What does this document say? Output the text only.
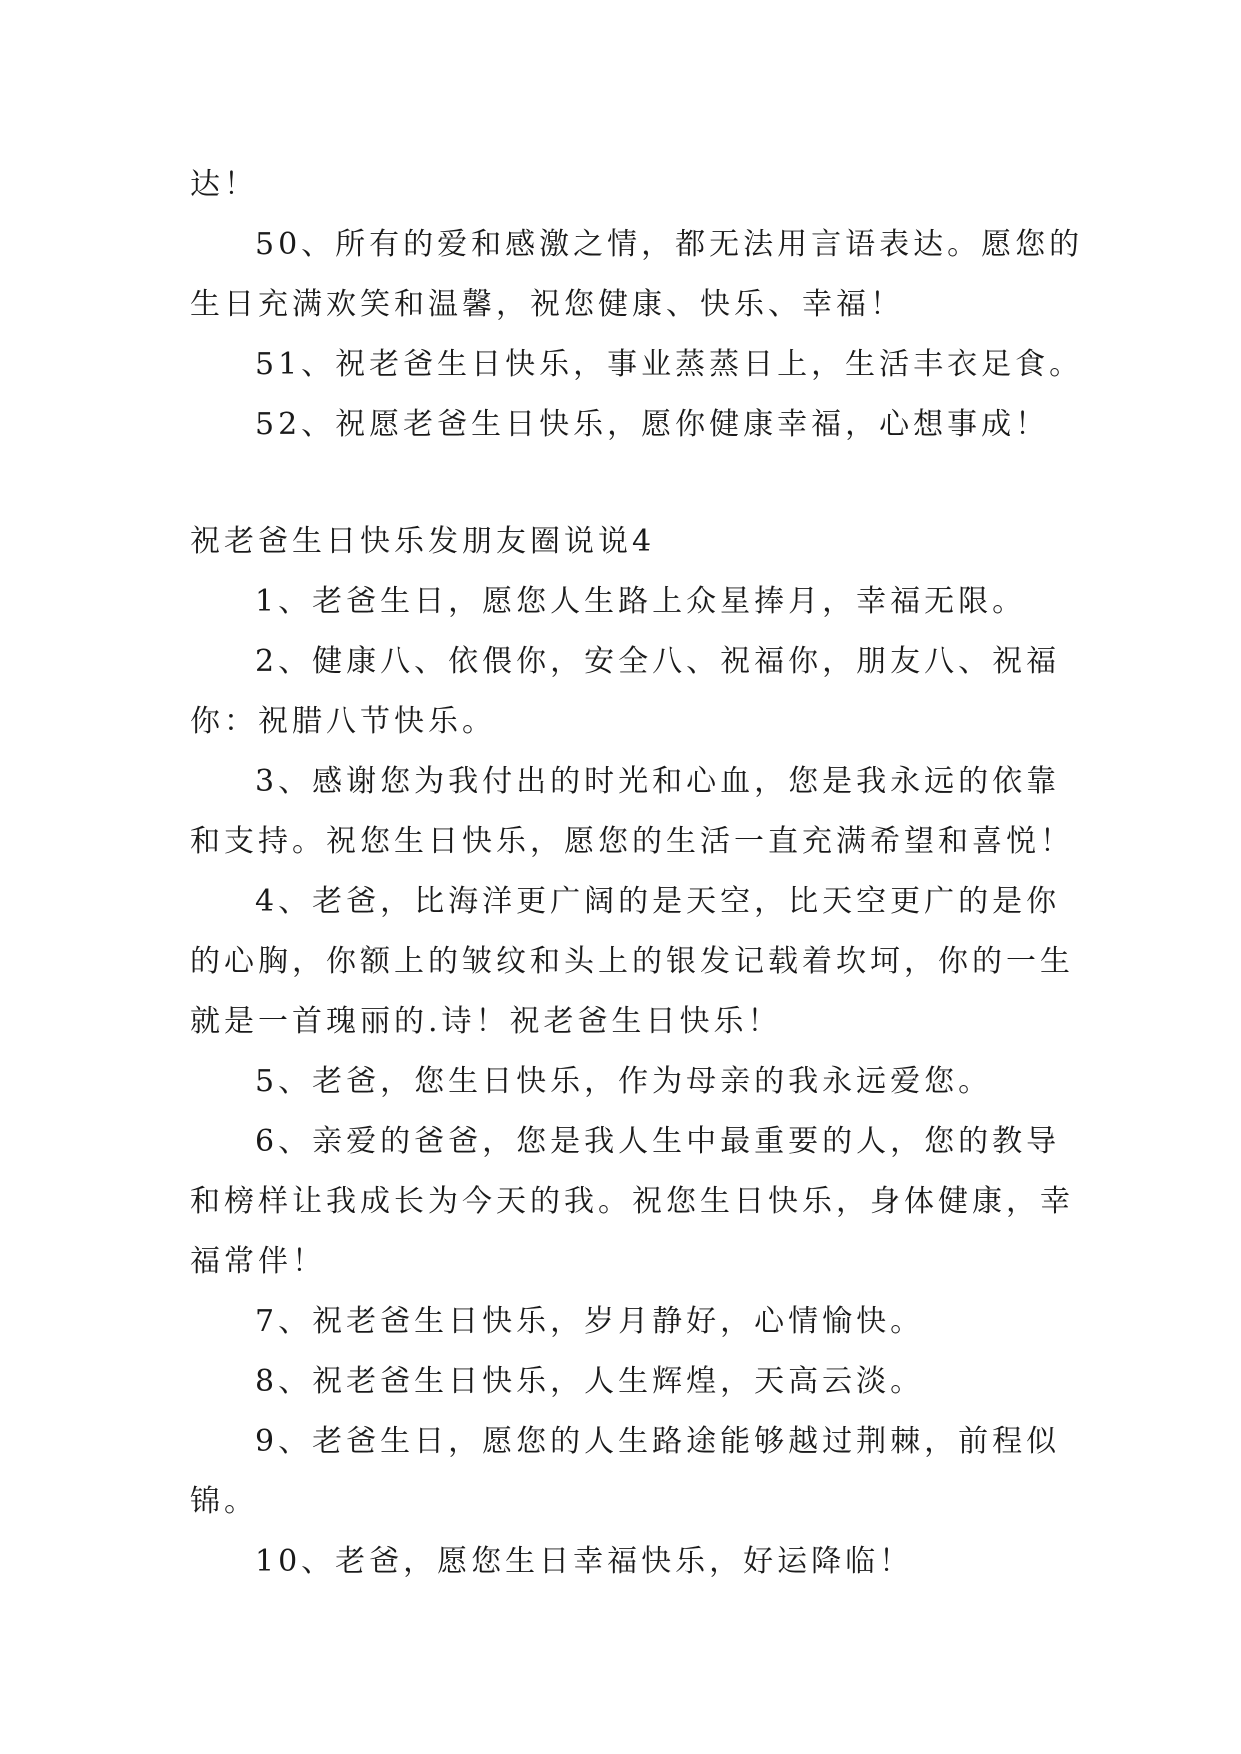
达！

50、所有的爱和感激之情，都无法用言语表达。愿您的

生日充满欢笑和温馨，祝您健康、快乐、幸福！

51、祝老爸生日快乐，事业蒸蒸日上，生活丰衣足食。

52、祝愿老爸生日快乐，愿你健康幸福，心想事成！

祝老爸生日快乐发朋友圈说说4

1、老爸生日，愿您人生路上众星捧月，幸福无限。

2、健康八、依偎你，安全八、祝福你，朋友八、祝福

你：祝腊八节快乐。

3、感谢您为我付出的时光和心血，您是我永远的依靠

和支持。祝您生日快乐，愿您的生活一直充满希望和喜悦！

4、老爸，比海洋更广阔的是天空，比天空更广的是你

的心胸，你额上的皱纹和头上的银发记载着坎坷，你的一生

就是一首瑰丽的.诗！祝老爸生日快乐！

5、老爸，您生日快乐，作为母亲的我永远爱您。

6、亲爱的爸爸，您是我人生中最重要的人，您的教导

和榜样让我成长为今天的我。祝您生日快乐，身体健康，幸

福常伴！

7、祝老爸生日快乐，岁月静好，心情愉快。

8、祝老爸生日快乐，人生辉煌，天高云淡。

9、老爸生日，愿您的人生路途能够越过荆棘，前程似

锦。

10、老爸，愿您生日幸福快乐，好运降临！
